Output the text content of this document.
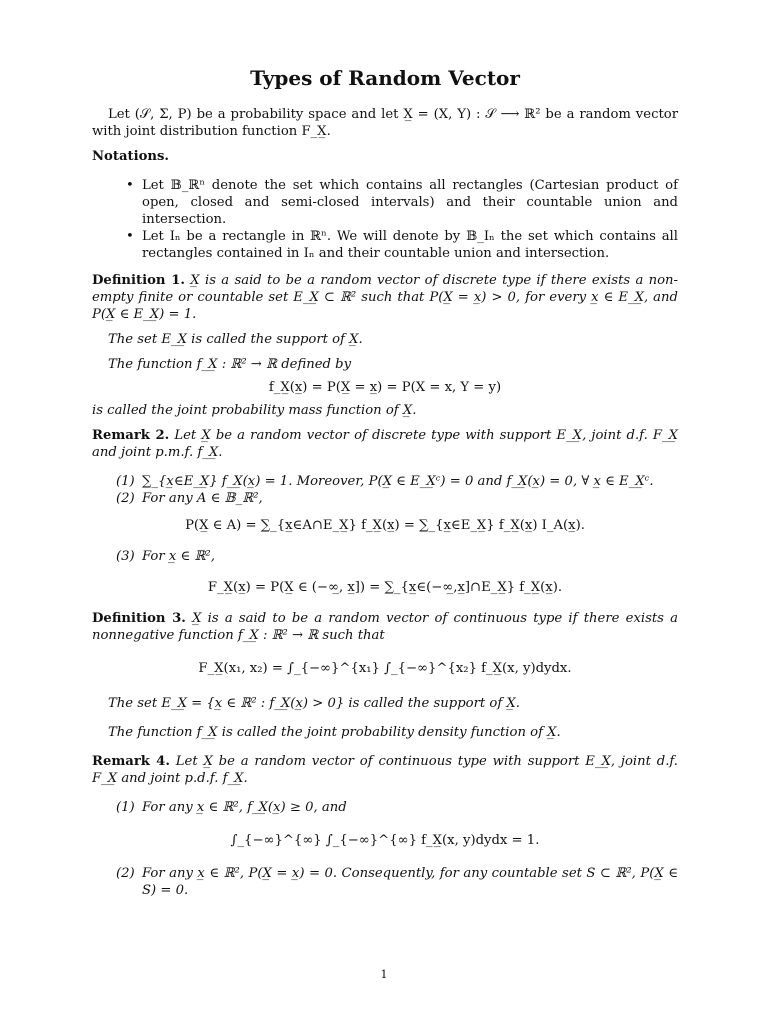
Types of Random Vector

Let (𝒮, Σ, P) be a probability space and let X̲ = (X, Y) : 𝒮 ⟶ ℝ² be a random vector with joint distribution function F_X̲.

Notations.

• Let 𝔹_ℝⁿ denote the set which contains all rectangles (Cartesian product of open, closed and semi-closed intervals) and their countable union and intersection.
• Let Iₙ be a rectangle in ℝⁿ. We will denote by 𝔹_Iₙ the set which contains all rectangles contained in Iₙ and their countable union and intersection.

Definition 1. X̲ is a said to be a random vector of discrete type if there exists a non-empty finite or countable set E_X̲ ⊂ ℝ² such that P(X̲ = x̲) > 0, for every x̲ ∈ E_X̲, and P(X̲ ∈ E_X̲) = 1.

The set E_X̲ is called the support of X̲.

The function f_X̲ : ℝ² → ℝ defined by

f_X̲(x̲) = P(X̲ = x̲) = P(X = x, Y = y)

is called the joint probability mass function of X̲.

Remark 2. Let X̲ be a random vector of discrete type with support E_X̲, joint d.f. F_X̲ and joint p.m.f. f_X̲.

(1) ∑_{x̲∈E_X̲} f_X̲(x̲) = 1. Moreover, P(X̲ ∈ E_X̲ᶜ) = 0 and f_X̲(x̲) = 0, ∀ x̲ ∈ E_X̲ᶜ.

(2) For any A ∈ 𝔹_ℝ²,

P(X̲ ∈ A) = ∑_{x̲∈A∩E_X̲} f_X̲(x̲) = ∑_{x̲∈E_X̲} f_X̲(x̲) I_A(x̲).

(3) For x̲ ∈ ℝ²,

F_X̲(x̲) = P(X̲ ∈ (−∞̲, x̲]) = ∑_{x̲∈(−∞̲,x̲]∩E_X̲} f_X̲(x̲).

Definition 3. X̲ is a said to be a random vector of continuous type if there exists a nonnegative function f_X̲ : ℝ² → ℝ such that

F_X̲(x₁, x₂) = ∫_{−∞}^{x₁} ∫_{−∞}^{x₂} f_X̲(x, y)dydx.

The set E_X̲ = {x̲ ∈ ℝ² : f_X̲(x̲) > 0} is called the support of X̲.

The function f_X̲ is called the joint probability density function of X̲.

Remark 4. Let X̲ be a random vector of continuous type with support E_X̲, joint d.f. F_X̲ and joint p.d.f. f_X̲.

(1) For any x̲ ∈ ℝ², f_X̲(x̲) ≥ 0, and

∫_{−∞}^{∞} ∫_{−∞}^{∞} f_X̲(x, y)dydx = 1.

(2) For any x̲ ∈ ℝ², P(X̲ = x̲) = 0. Consequently, for any countable set S ⊂ ℝ², P(X̲ ∈ S) = 0.

1
